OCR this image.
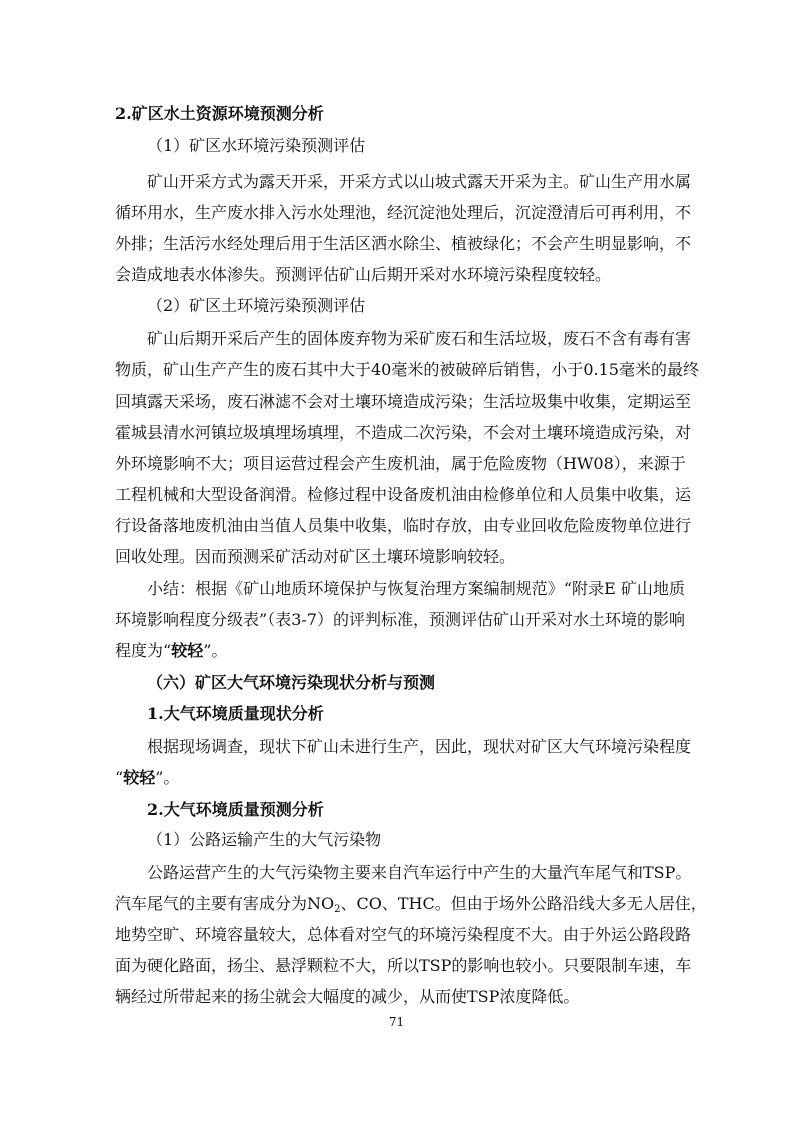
2.矿区水土资源环境预测分析
（1）矿区水环境污染预测评估
矿山开采方式为露天开采，开采方式以山坡式露天开采为主。矿山生产用水属
循环用水，生产废水排入污水处理池，经沉淀池处理后，沉淀澄清后可再利用，不
外排；生活污水经处理后用于生活区洒水除尘、植被绿化；不会产生明显影响，不
会造成地表水体渗失。预测评估矿山后期开采对水环境污染程度较轻。
（2）矿区土环境污染预测评估
矿山后期开采后产生的固体废弃物为采矿废石和生活垃圾，废石不含有毒有害
物质，矿山生产产生的废石其中大于40毫米的被破碎后销售，小于0.15毫米的最终
回填露天采场，废石淋滤不会对土壤环境造成污染；生活垃圾集中收集，定期运至
霍城县清水河镇垃圾填埋场填埋，不造成二次污染，不会对土壤环境造成污染，对
外环境影响不大；项目运营过程会产生废机油，属于危险废物（HW08），来源于
工程机械和大型设备润滑。检修过程中设备废机油由检修单位和人员集中收集，运
行设备落地废机油由当值人员集中收集，临时存放，由专业回收危险废物单位进行
回收处理。因而预测采矿活动对矿区土壤环境影响较轻。
小结：根据《矿山地质环境保护与恢复治理方案编制规范》“附录E 矿山地质
环境影响程度分级表”（表3-7）的评判标准，预测评估矿山开采对水土环境的影响
程度为“较轻”。
（六）矿区大气环境污染现状分析与预测
1.大气环境质量现状分析
根据现场调查，现状下矿山未进行生产，因此，现状对矿区大气环境污染程度
“较轻”。
2.大气环境质量预测分析
（1）公路运输产生的大气污染物
公路运营产生的大气污染物主要来自汽车运行中产生的大量汽车尾气和TSP。
汽车尾气的主要有害成分为$NO_2$、CO、THC。但由于场外公路沿线大多无人居住，
地势空旷、环境容量较大，总体看对空气的环境污染程度不大。由于外运公路段路
面为硬化路面，扬尘、悬浮颗粒不大，所以TSP的影响也较小。只要限制车速，车
辆经过所带起来的扬尘就会大幅度的减少，从而使TSP浓度降低。
71
